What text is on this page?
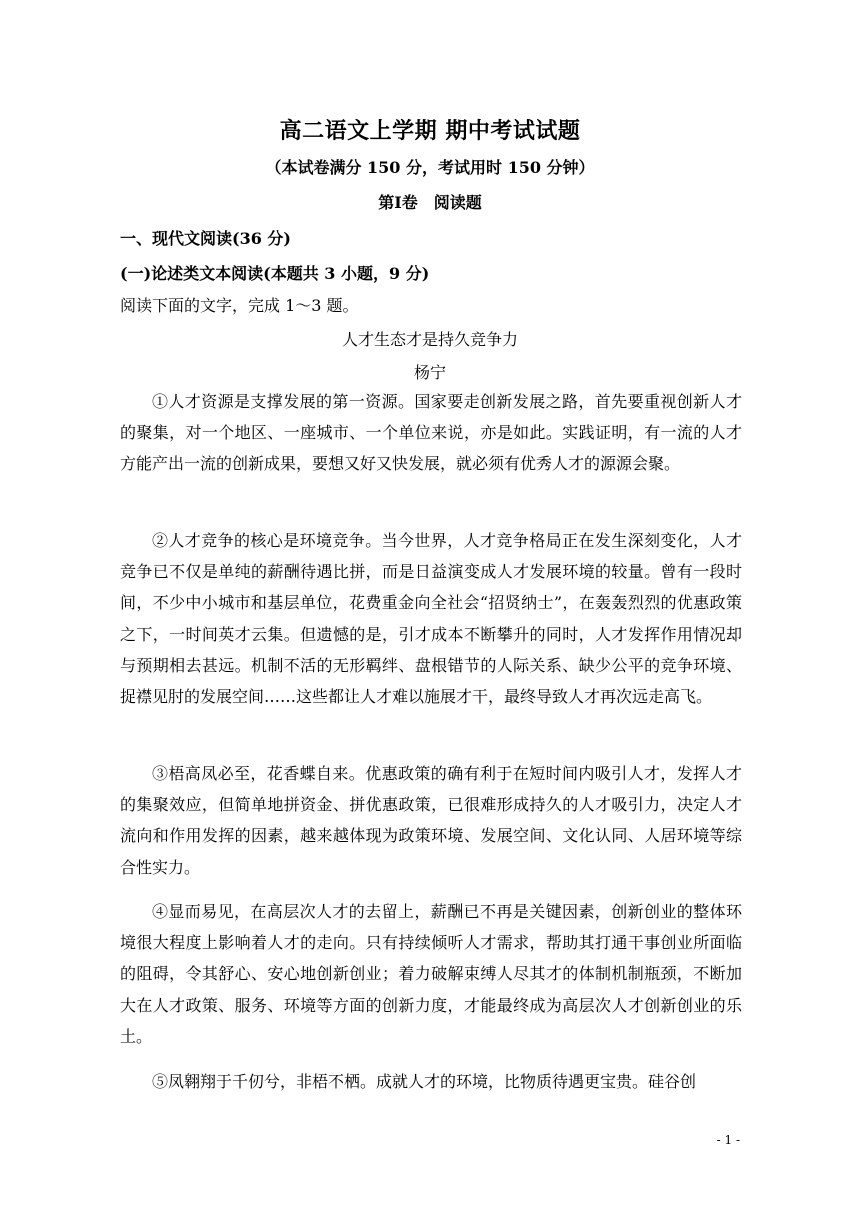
高二语文上学期 期中考试试题
（本试卷满分 150 分，考试用时 150 分钟）
第Ⅰ卷　阅读题
一、现代文阅读(36 分)
(一)论述类文本阅读(本题共 3 小题，9 分)
阅读下面的文字，完成 1～3 题。
人才生态才是持久竞争力
杨宁

①人才资源是支撑发展的第一资源。国家要走创新发展之路，首先要重视创新人才的聚集，对一个地区、一座城市、一个单位来说，亦是如此。实践证明，有一流的人才方能产出一流的创新成果，要想又好又快发展，就必须有优秀人才的源源会聚。

②人才竞争的核心是环境竞争。当今世界，人才竞争格局正在发生深刻变化，人才竞争已不仅是单纯的薪酬待遇比拼，而是日益演变成人才发展环境的较量。曾有一段时间，不少中小城市和基层单位，花费重金向全社会“招贤纳士”，在轰轰烈烈的优惠政策之下，一时间英才云集。但遗憾的是，引才成本不断攀升的同时，人才发挥作用情况却与预期相去甚远。机制不活的无形羁绊、盘根错节的人际关系、缺少公平的竞争环境、捉襟见肘的发展空间……这些都让人才难以施展才干，最终导致人才再次远走高飞。

③梧高凤必至，花香蝶自来。优惠政策的确有利于在短时间内吸引人才，发挥人才的集聚效应，但简单地拼资金、拼优惠政策，已很难形成持久的人才吸引力，决定人才流向和作用发挥的因素，越来越体现为政策环境、发展空间、文化认同、人居环境等综合性实力。

④显而易见，在高层次人才的去留上，薪酬已不再是关键因素，创新创业的整体环境很大程度上影响着人才的走向。只有持续倾听人才需求，帮助其打通干事创业所面临的阻碍，令其舒心、安心地创新创业；着力破解束缚人尽其才的体制机制瓶颈，不断加大在人才政策、服务、环境等方面的创新力度，才能最终成为高层次人才创新创业的乐土。

⑤凤翱翔于千仞兮，非梧不栖。成就人才的环境，比物质待遇更宝贵。硅谷创

- 1 -
